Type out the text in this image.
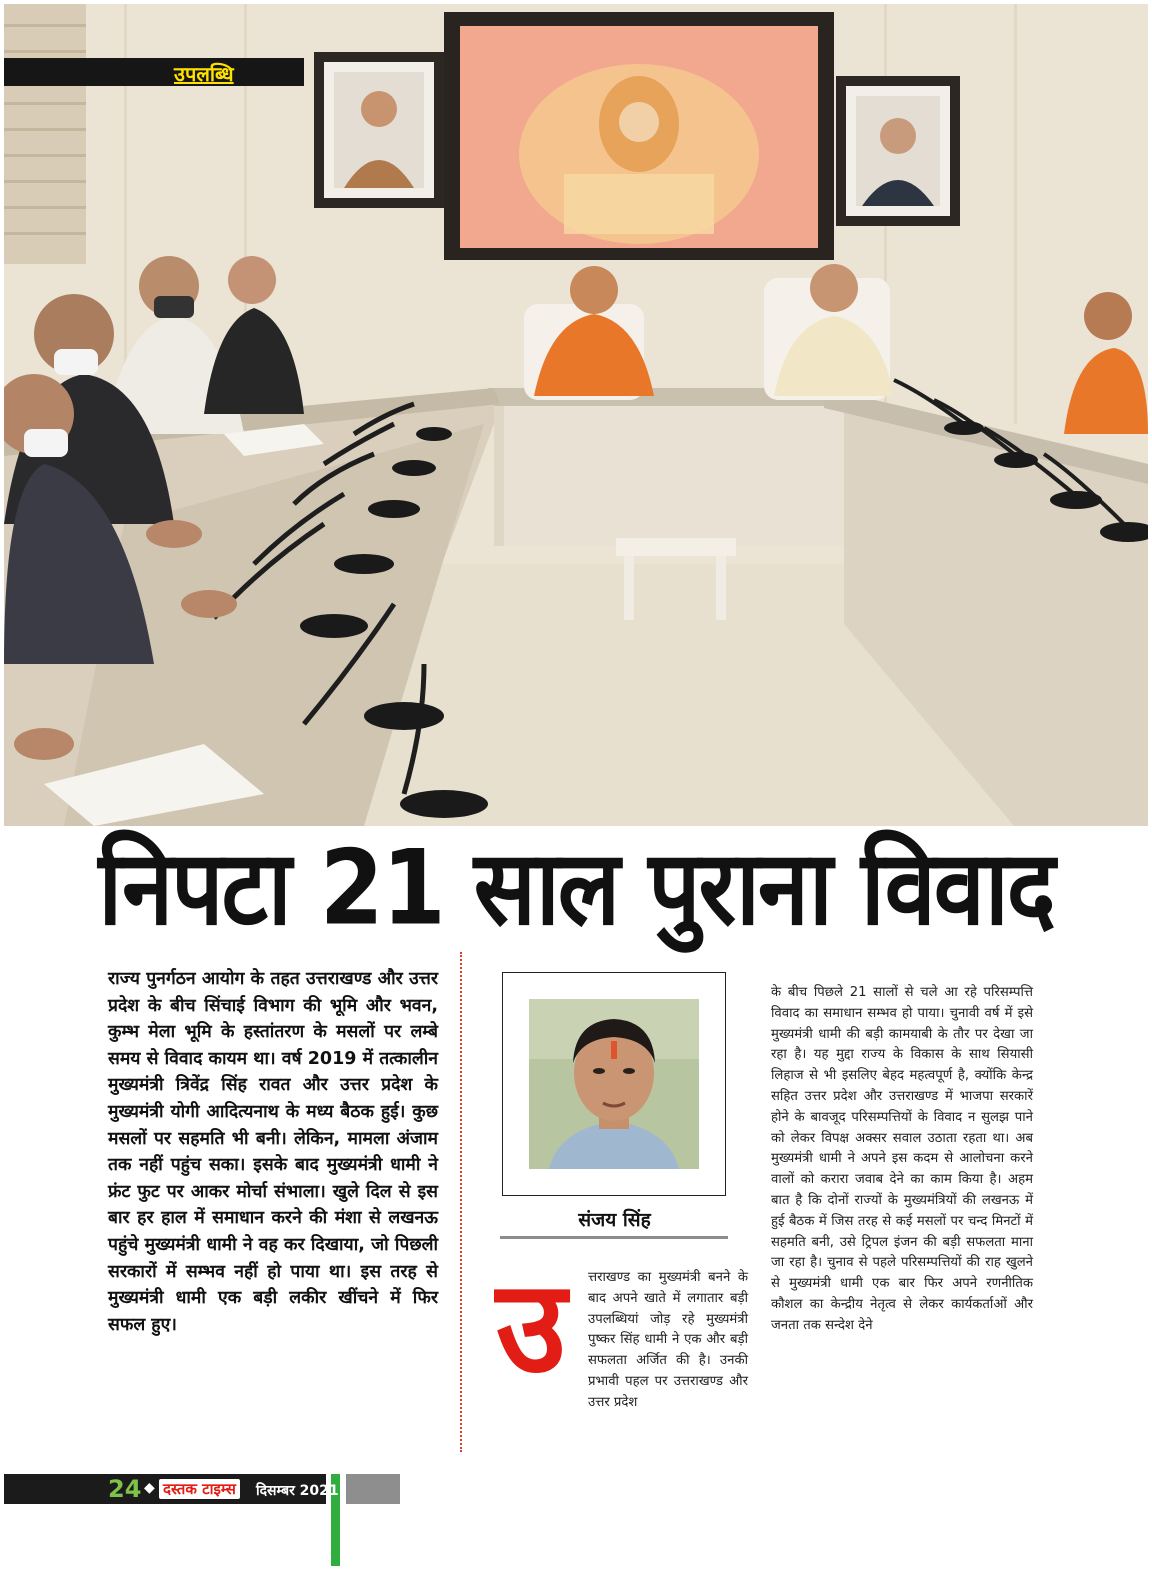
उपलब्धि
निपटा 21 साल पुराना विवाद
राज्य पुनर्गठन आयोग के तहत उत्तराखण्ड और उत्तर प्रदेश के बीच सिंचाई विभाग की भूमि और भवन, कुम्भ मेला भूमि के हस्तांतरण के मसलों पर लम्बे समय से विवाद कायम था। वर्ष 2019 में तत्कालीन मुख्यमंत्री त्रिवेंद्र सिंह रावत और उत्तर प्रदेश के मुख्यमंत्री योगी आदित्यनाथ के मध्य बैठक हुई। कुछ मसलों पर सहमति भी बनी। लेकिन, मामला अंजाम तक नहीं पहुंच सका। इसके बाद मुख्यमंत्री धामी ने फ्रंट फुट पर आकर मोर्चा संभाला। खुले दिल से इस बार हर हाल में समाधान करने की मंशा से लखनऊ पहुंचे मुख्यमंत्री धामी ने वह कर दिखाया, जो पिछली सरकारों में सम्भव नहीं हो पाया था। इस तरह से मुख्यमंत्री धामी एक बड़ी लकीर खींचने में फिर सफल हुए।
संजय सिंह
उ	त्तराखण्ड का मुख्यमंत्री बनने के बाद अपने खाते में लगातार बड़ी उपलब्धियां जोड़ रहे मुख्यमंत्री पुष्कर सिंह धामी ने एक और बड़ी सफलता अर्जित की है। उनकी प्रभावी पहल पर उत्तराखण्ड और उत्तर प्रदेश
के बीच पिछले 21 सालों से चले आ रहे परिसम्पत्ति विवाद का समाधान सम्भव हो पाया। चुनावी वर्ष में इसे मुख्यमंत्री धामी की बड़ी कामयाबी के तौर पर देखा जा रहा है। यह मुद्दा राज्य के विकास के साथ सियासी लिहाज से भी इसलिए बेहद महत्वपूर्ण है, क्योंकि केन्द्र सहित उत्तर प्रदेश और उत्तराखण्ड में भाजपा सरकारें होने के बावजूद परिसम्पत्तियों के विवाद न सुलझ पाने को लेकर विपक्ष अक्सर सवाल उठाता रहता था। अब मुख्यमंत्री धामी ने अपने इस कदम से आलोचना करने वालों को करारा जवाब देने का काम किया है। अहम बात है कि दोनों राज्यों के मुख्यमंत्रियों की लखनऊ में हुई बैठक में जिस तरह से कई मसलों पर चन्द मिनटों में सहमति बनी, उसे ट्रिपल इंजन की बड़ी सफलता माना जा रहा है। चुनाव से पहले परिसम्पत्तियों की राह खुलने से मुख्यमंत्री धामी एक बार फिर अपने रणनीतिक कौशल का केन्द्रीय नेतृत्व से लेकर कार्यकर्ताओं और जनता तक सन्देश देने
24 ◆ दस्तक टाइम्स दिसम्बर 2021
